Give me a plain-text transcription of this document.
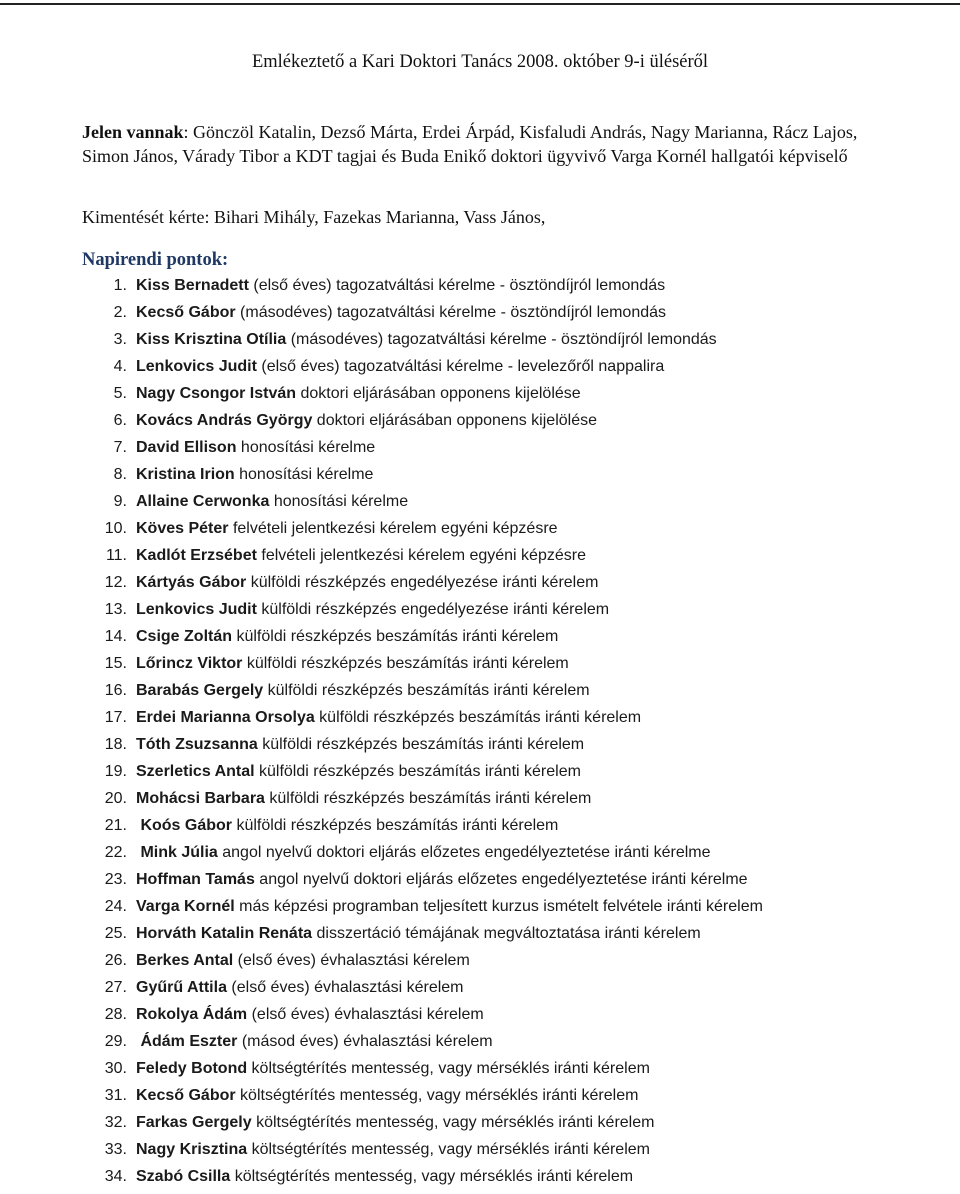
Emlékeztető a Kari Doktori Tanács 2008. október 9-i üléséről
Jelen vannak: Gönczöl Katalin, Dezső Márta, Erdei Árpád, Kisfaludi András, Nagy Marianna, Rácz Lajos, Simon János, Várady Tibor a KDT tagjai és Buda Enikő doktori ügyvivő Varga Kornél hallgatói képviselő
Kimentését kérte: Bihari Mihály, Fazekas Marianna, Vass János,
Napirendi pontok:
1. Kiss Bernadett (első éves) tagozatváltási kérelme - ösztöndíjról lemondás
2. Kecső Gábor (másodéves) tagozatváltási kérelme - ösztöndíjról lemondás
3. Kiss Krisztina Otília (másodéves) tagozatváltási kérelme - ösztöndíjról lemondás
4. Lenkovics Judit (első éves) tagozatváltási kérelme - levelezőről nappalira
5. Nagy Csongor István doktori eljárásában opponens kijelölése
6. Kovács András György doktori eljárásában opponens kijelölése
7. David Ellison honosítási kérelme
8. Kristina Irion honosítási kérelme
9. Allaine Cerwonka honosítási kérelme
10. Köves Péter felvételi jelentkezési kérelem egyéni képzésre
11. Kadlót Erzsébet felvételi jelentkezési kérelem egyéni képzésre
12. Kártyás Gábor külföldi részképzés engedélyezése iránti kérelem
13. Lenkovics Judit külföldi részképzés engedélyezése iránti kérelem
14. Csige Zoltán külföldi részképzés beszámítás iránti kérelem
15. Lőrincz Viktor külföldi részképzés beszámítás iránti kérelem
16. Barabás Gergely külföldi részképzés beszámítás iránti kérelem
17. Erdei Marianna Orsolya külföldi részképzés beszámítás iránti kérelem
18. Tóth Zsuzsanna külföldi részképzés beszámítás iránti kérelem
19. Szerletics Antal külföldi részképzés beszámítás iránti kérelem
20. Mohácsi Barbara külföldi részképzés beszámítás iránti kérelem
21. Koós Gábor külföldi részképzés beszámítás iránti kérelem
22. Mink Júlia angol nyelvű doktori eljárás előzetes engedélyeztetése iránti kérelme
23. Hoffman Tamás angol nyelvű doktori eljárás előzetes engedélyeztetése iránti kérelme
24. Varga Kornél más képzési programban teljesített kurzus ismételt felvétele iránti kérelem
25. Horváth Katalin Renáta disszertáció témájának megváltoztatása iránti kérelem
26. Berkes Antal (első éves) évhalasztási kérelem
27. Gyűrű Attila (első éves) évhalasztási kérelem
28. Rokolya Ádám (első éves) évhalasztási kérelem
29. Ádám Eszter (másod éves) évhalasztási kérelem
30. Feledy Botond költségtérítés mentesség, vagy mérséklés iránti kérelem
31. Kecső Gábor költségtérítés mentesség, vagy mérséklés iránti kérelem
32. Farkas Gergely költségtérítés mentesség, vagy mérséklés iránti kérelem
33. Nagy Krisztina költségtérítés mentesség, vagy mérséklés iránti kérelem
34. Szabó Csilla költségtérítés mentesség, vagy mérséklés iránti kérelem
